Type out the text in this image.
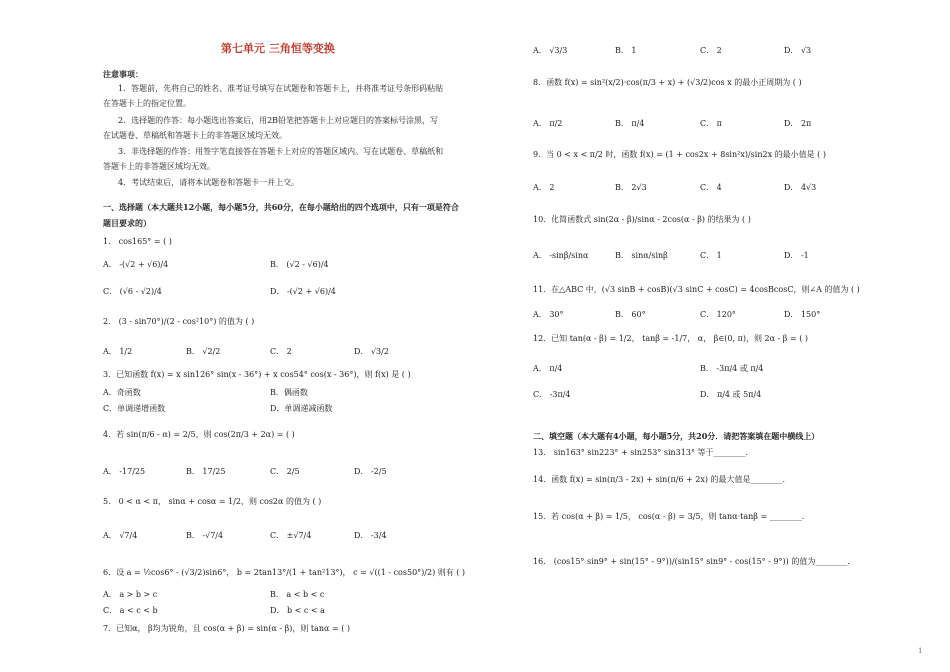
第七单元 三角恒等变换
注意事项：
1．答题前，先将自己的姓名、准考证号填写在试题卷和答题卡上，并将准考证号条形码粘贴
在答题卡上的指定位置。
2．选择题的作答：每小题选出答案后，用2B铅笔把答题卡上对应题目的答案标号涂黑，写
在试题卷、草稿纸和答题卡上的非答题区域均无效。
3．非选择题的作答：用签字笔直接答在答题卡上对应的答题区域内。写在试题卷、草稿纸和
答题卡上的非答题区域均无效。
4．考试结束后，请将本试题卷和答题卡一并上交。
一、选择题（本大题共12小题，每小题5分，共60分，在每小题给出的四个选项中，只有一项是符合
题目要求的）
1． cos165° = ( )
A． -(√2 + √6)/4	B． (√2 - √6)/4
C． (√6 - √2)/4	D． -(√2 + √6)/4
2． (3 - sin70°)/(2 - cos²10°) 的值为 ( )
A． 1/2	B． √2/2	C． 2	D． √3/2
3．已知函数 f(x) = x sin126° sin(x - 36°) + x cos54° cos(x - 36°)，则 f(x) 是 ( )
A．奇函数	B．偶函数
C．单调递增函数	D．单调递减函数
4．若 sin(π/6 - α) = 2/5，则 cos(2π/3 + 2α) = ( )
A． -17/25	B． 17/25	C． 2/5	D． -2/5
5． 0 < α < π， sinα + cosα = 1/2，则 cos2α 的值为 ( )
A． √7/4	B． -√7/4	C． ±√7/4	D． -3/4
6．设 a = ½cos6° - (√3/2)sin6°， b = 2tan13°/(1 + tan²13°)， c = √((1 - cos50°)/2) 则有 ( )
A． a > b > c	B． a < b < c
C． a < c < b	D． b < c < a
7．已知α， β均为锐角，且 cos(α + β) = sin(α - β)，则 tanα = ( )
A． √3/3	B． 1	C． 2	D． √3
8．函数 f(x) = sin²(x/2)·cos(π/3 + x) + (√3/2)cos x 的最小正周期为 ( )
A． π/2	B． π/4	C． π	D． 2π
9．当 0 < x < π/2 时，函数 f(x) = (1 + cos2x + 8sin²x)/sin2x 的最小值是 ( )
A． 2	B． 2√3	C． 4	D． 4√3
10．化简函数式 sin(2α - β)/sinα - 2cos(α - β) 的结果为 ( )
A． -sinβ/sinα	B． sinα/sinβ	C． 1	D． -1
11．在△ABC 中，(√3 sinB + cosB)(√3 sinC + cosC) = 4cosBcosC，则∠A 的值为 ( )
A． 30°	B． 60°	C． 120°	D． 150°
12．已知 tan(α - β) = 1/2， tanβ = -1/7， α， β∈(0, π)，则 2α - β = ( )
A． π/4	B． -3π/4 或 π/4
C． -3π/4	D． π/4 或 5π/4
二、填空题（本大题有4小题，每小题5分，共20分．请把答案填在题中横线上）
13． sin163° sin223° + sin253° sin313° 等于________．
14．函数 f(x) = sin(π/3 - 2x) + sin(π/6 + 2x) 的最大值是________．
15．若 cos(α + β) = 1/5， cos(α - β) = 3/5，则 tanα·tanβ = ________．
16． (cos15° sin9° + sin(15° - 9°))/(sin15° sin9° - cos(15° - 9°)) 的值为________．
1
